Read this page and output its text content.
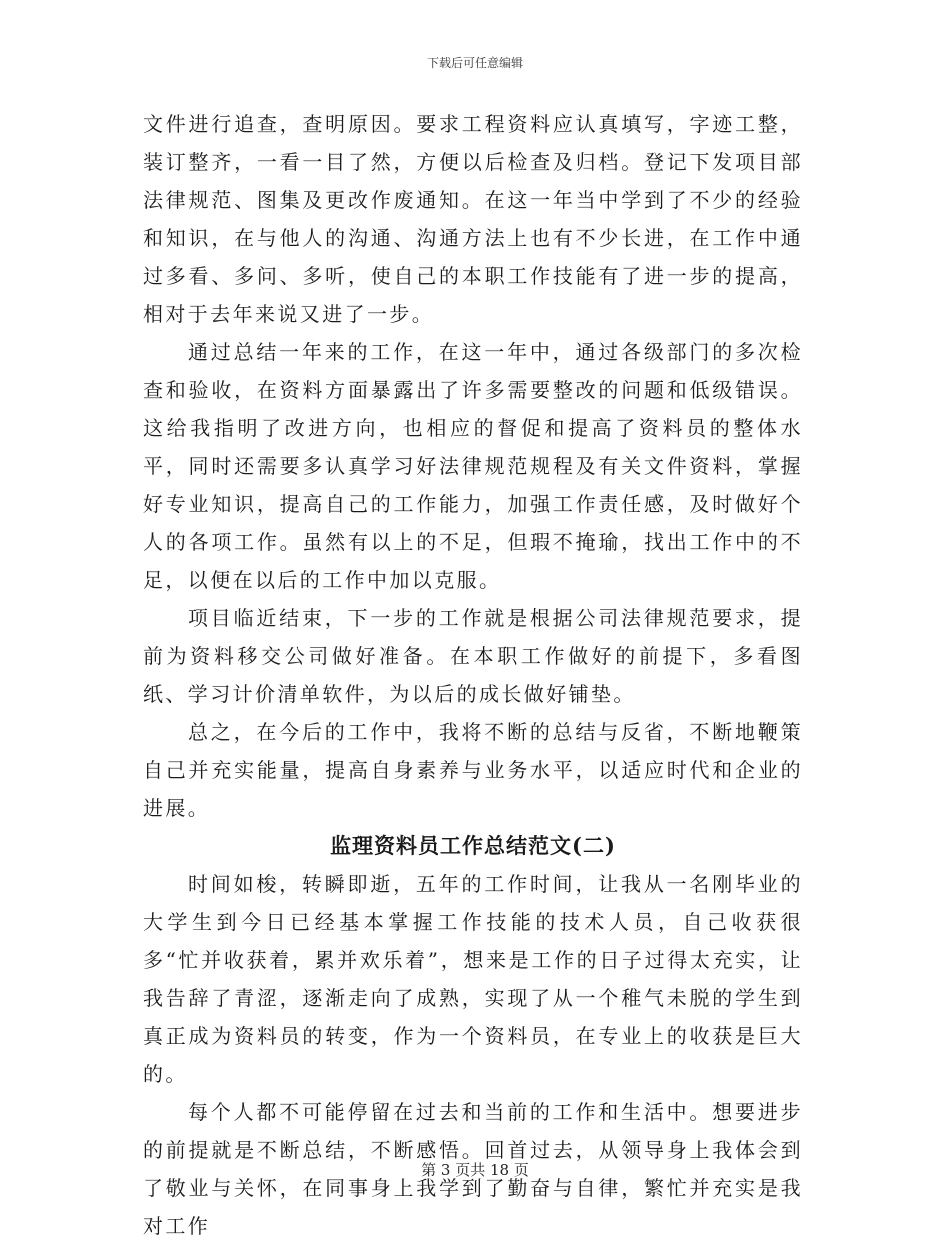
下载后可任意编辑

文件进行追查，查明原因。要求工程资料应认真填写，字迹工整，装订整齐，一看一目了然，方便以后检查及归档。登记下发项目部法律规范、图集及更改作废通知。在这一年当中学到了不少的经验和知识，在与他人的沟通、沟通方法上也有不少长进，在工作中通过多看、多问、多听，使自己的本职工作技能有了进一步的提高，相对于去年来说又进了一步。

通过总结一年来的工作，在这一年中，通过各级部门的多次检查和验收，在资料方面暴露出了许多需要整改的问题和低级错误。这给我指明了改进方向，也相应的督促和提高了资料员的整体水平，同时还需要多认真学习好法律规范规程及有关文件资料，掌握好专业知识，提高自己的工作能力，加强工作责任感，及时做好个人的各项工作。虽然有以上的不足，但瑕不掩瑜，找出工作中的不足，以便在以后的工作中加以克服。

项目临近结束，下一步的工作就是根据公司法律规范要求，提前为资料移交公司做好准备。在本职工作做好的前提下，多看图纸、学习计价清单软件，为以后的成长做好铺垫。

总之，在今后的工作中，我将不断的总结与反省，不断地鞭策自己并充实能量，提高自身素养与业务水平，以适应时代和企业的进展。

监理资料员工作总结范文(二)

时间如梭，转瞬即逝，五年的工作时间，让我从一名刚毕业的大学生到今日已经基本掌握工作技能的技术人员，自己收获很多“忙并收获着，累并欢乐着”，想来是工作的日子过得太充实，让我告辞了青涩，逐渐走向了成熟，实现了从一个稚气未脱的学生到真正成为资料员的转变，作为一个资料员，在专业上的收获是巨大的。

每个人都不可能停留在过去和当前的工作和生活中。想要进步的前提就是不断总结，不断感悟。回首过去，从领导身上我体会到了敬业与关怀，在同事身上我学到了勤奋与自律，繁忙并充实是我对工作

第 3 页共 18 页
